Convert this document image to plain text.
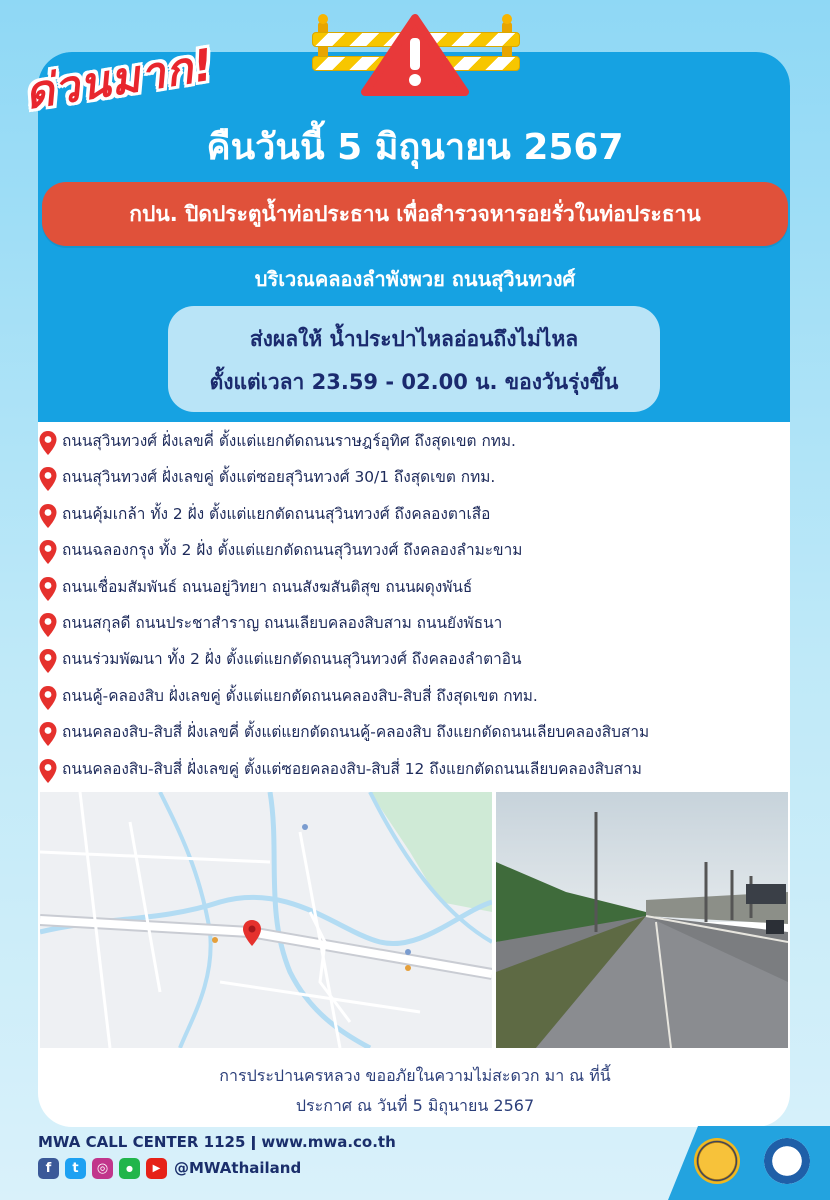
ด่วนมาก!
คืนวันนี้ 5 มิถุนายน 2567
กปน. ปิดประตูน้ำท่อประธาน เพื่อสำรวจหารอยรั่วในท่อประธาน
บริเวณคลองลำพังพวย ถนนสุวินทวงศ์
ส่งผลให้ น้ำประปาไหลอ่อนถึงไม่ไหล
ตั้งแต่เวลา 23.59 - 02.00 น. ของวันรุ่งขึ้น
ถนนสุวินทวงศ์ ฝั่งเลขคี่ ตั้งแต่แยกตัดถนนราษฎร์อุทิศ ถึงสุดเขต กทม.
ถนนสุวินทวงศ์ ฝั่งเลขคู่ ตั้งแต่ซอยสุวินทวงศ์ 30/1 ถึงสุดเขต กทม.
ถนนคุ้มเกล้า ทั้ง 2 ฝั่ง ตั้งแต่แยกตัดถนนสุวินทวงศ์ ถึงคลองตาเสือ
ถนนฉลองกรุง ทั้ง 2 ฝั่ง ตั้งแต่แยกตัดถนนสุวินทวงศ์ ถึงคลองลำมะขาม
ถนนเชื่อมสัมพันธ์ ถนนอยู่วิทยา ถนนสังฆสันติสุข ถนนผดุงพันธ์
ถนนสกุลดี ถนนประชาสำราญ ถนนเลียบคลองสิบสาม ถนนยังพัธนา
ถนนร่วมพัฒนา ทั้ง 2 ฝั่ง ตั้งแต่แยกตัดถนนสุวินทวงศ์ ถึงคลองลำตาอิน
ถนนคู้-คลองสิบ ฝั่งเลขคู่ ตั้งแต่แยกตัดถนนคลองสิบ-สิบสี่ ถึงสุดเขต กทม.
ถนนคลองสิบ-สิบสี่ ฝั่งเลขคี่ ตั้งแต่แยกตัดถนนคู้-คลองสิบ ถึงแยกตัดถนนเลียบคลองสิบสาม
ถนนคลองสิบ-สิบสี่ ฝั่งเลขคู่ ตั้งแต่ซอยคลองสิบ-สิบสี่ 12 ถึงแยกตัดถนนเลียบคลองสิบสาม
การประปานครหลวง ขออภัยในความไม่สะดวก มา ณ ที่นี้
ประกาศ ณ วันที่ 5 มิถุนายน 2567
MWA CALL CENTER 1125 ǀ www.mwa.co.th
f	t	◎	●	▶ @MWAthailand
